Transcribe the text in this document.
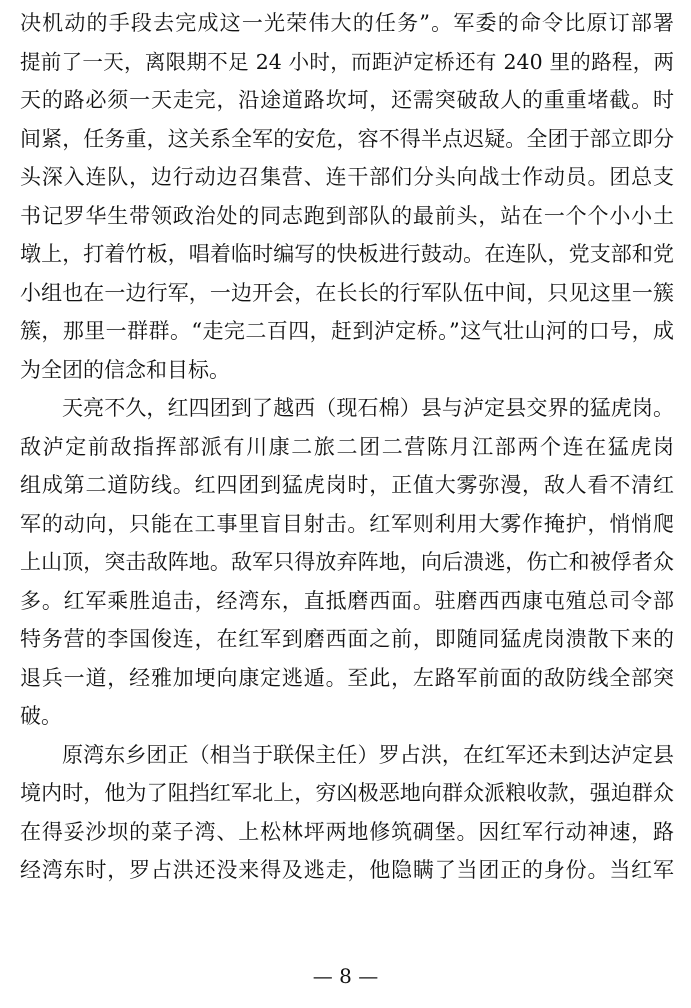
决机动的手段去完成这一光荣伟大的任务”。军委的命令比原订部署
提前了一天，离限期不足 24 小时，而距泸定桥还有 240 里的路程，两
天的路必须一天走完，沿途道路坎坷，还需突破敌人的重重堵截。时
间紧，任务重，这关系全军的安危，容不得半点迟疑。全团于部立即分
头深入连队，边行动边召集营、连干部们分头向战士作动员。团总支
书记罗华生带领政治处的同志跑到部队的最前头，站在一个个小小土
墩上，打着竹板，唱着临时编写的快板进行鼓动。在连队，党支部和党
小组也在一边行军，一边开会，在长长的行军队伍中间，只见这里一簇
簇，那里一群群。“走完二百四，赶到泸定桥。”这气壮山河的口号，成
为全团的信念和目标。
天亮不久，红四团到了越西（现石棉）县与泸定县交界的猛虎岗。
敌泸定前敌指挥部派有川康二旅二团二营陈月江部两个连在猛虎岗
组成第二道防线。红四团到猛虎岗时，正值大雾弥漫，敌人看不清红
军的动向，只能在工事里盲目射击。红军则利用大雾作掩护，悄悄爬
上山顶，突击敌阵地。敌军只得放弃阵地，向后溃逃，伤亡和被俘者众
多。红军乘胜追击，经湾东，直抵磨西面。驻磨西西康屯殖总司令部
特务营的李国俊连，在红军到磨西面之前，即随同猛虎岗溃散下来的
退兵一道，经雅加埂向康定逃遁。至此，左路军前面的敌防线全部突
破。
原湾东乡团正（相当于联保主任）罗占洪，在红军还未到达泸定县
境内时，他为了阻挡红军北上，穷凶极恶地向群众派粮收款，强迫群众
在得妥沙坝的菜子湾、上松林坪两地修筑碉堡。因红军行动神速，路
经湾东时，罗占洪还没来得及逃走，他隐瞒了当团正的身份。当红军
— 8 —
